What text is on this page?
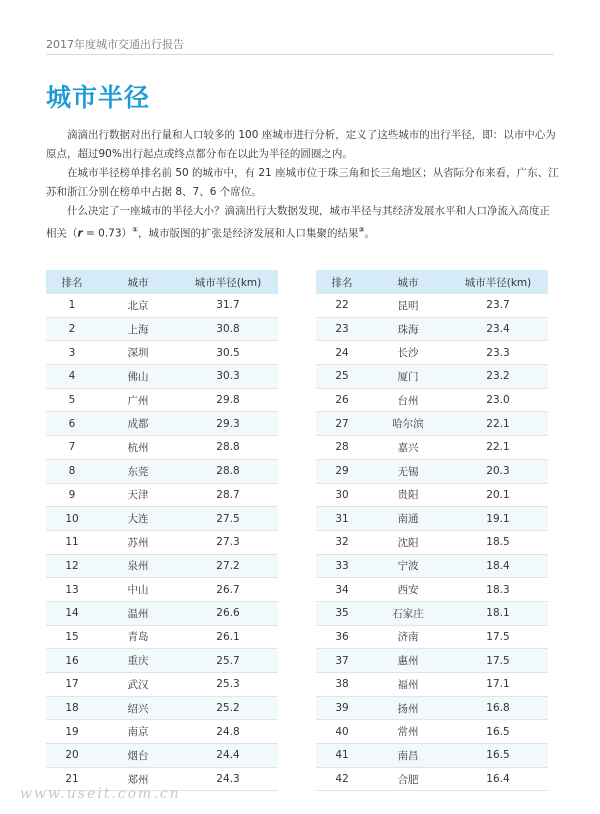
2017年度城市交通出行报告
城市半径

滴滴出行数据对出行量和人口较多的 100 座城市进行分析，定义了这些城市的出行半径，即：以市中心为原点，超过90%出行起点或终点都分布在以此为半径的圆圈之内。

在城市半径榜单排名前 50 的城市中，有 21 座城市位于珠三角和长三角地区；从省际分布来看，广东、江苏和浙江分别在榜单中占据 8、7、6 个席位。

什么决定了一座城市的半径大小？滴滴出行大数据发现，城市半径与其经济发展水平和人口净流入高度正相关（r = 0.73）①，城市版图的扩张是经济发展和人口集聚的结果②。

排名	城市	城市半径(km)
1	北京	31.7
2	上海	30.8
3	深圳	30.5
4	佛山	30.3
5	广州	29.8
6	成都	29.3
7	杭州	28.8
8	东莞	28.8
9	天津	28.7
10	大连	27.5
11	苏州	27.3
12	泉州	27.2
13	中山	26.7
14	温州	26.6
15	青岛	26.1
16	重庆	25.7
17	武汉	25.3
18	绍兴	25.2
19	南京	24.8
20	烟台	24.4
21	郑州	24.3
排名	城市	城市半径(km)
22	昆明	23.7
23	珠海	23.4
24	长沙	23.3
25	厦门	23.2
26	台州	23.0
27	哈尔滨	22.1
28	嘉兴	22.1
29	无锡	20.3
30	贵阳	20.1
31	南通	19.1
32	沈阳	18.5
33	宁波	18.4
34	西安	18.3
35	石家庄	18.1
36	济南	17.5
37	惠州	17.5
38	福州	17.1
39	扬州	16.8
40	常州	16.5
41	南昌	16.5
42	合肥	16.4
www.useit.com.cn
